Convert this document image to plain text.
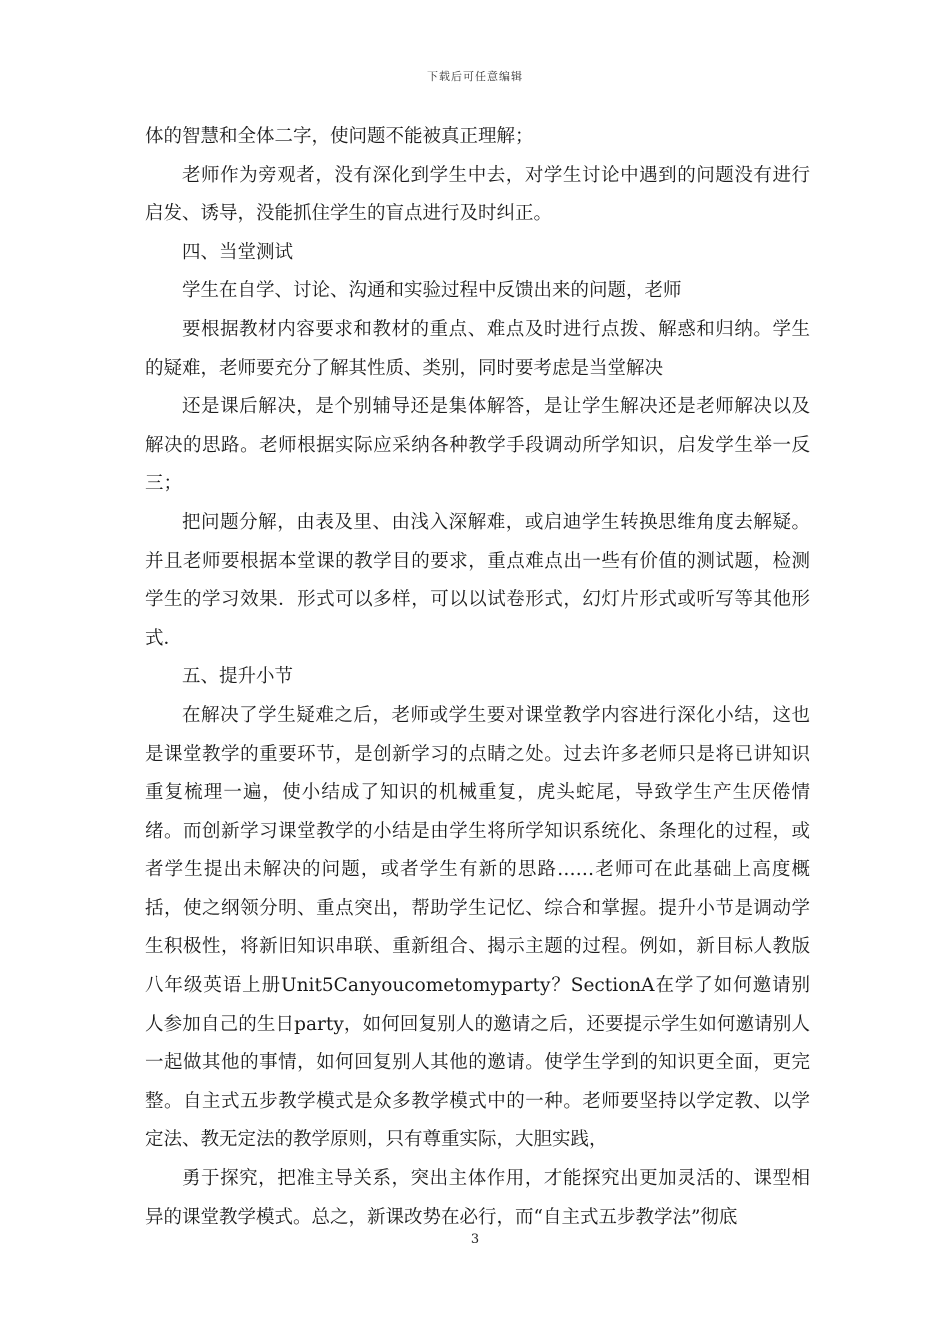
下载后可任意编辑

体的智慧和全体二字，使问题不能被真正理解；

老师作为旁观者，没有深化到学生中去，对学生讨论中遇到的问题没有进行启发、诱导，没能抓住学生的盲点进行及时纠正。

四、当堂测试

学生在自学、讨论、沟通和实验过程中反馈出来的问题，老师

要根据教材内容要求和教材的重点、难点及时进行点拨、解惑和归纳。学生的疑难，老师要充分了解其性质、类别，同时要考虑是当堂解决

还是课后解决，是个别辅导还是集体解答，是让学生解决还是老师解决以及解决的思路。老师根据实际应采纳各种教学手段调动所学知识，启发学生举一反三；

把问题分解，由表及里、由浅入深解难，或启迪学生转换思维角度去解疑。并且老师要根据本堂课的教学目的要求，重点难点出一些有价值的测试题，检测学生的学习效果．形式可以多样，可以以试卷形式，幻灯片形式或听写等其他形式．

五、提升小节

在解决了学生疑难之后，老师或学生要对课堂教学内容进行深化小结，这也是课堂教学的重要环节，是创新学习的点睛之处。过去许多老师只是将已讲知识重复梳理一遍，使小结成了知识的机械重复，虎头蛇尾，导致学生产生厌倦情绪。而创新学习课堂教学的小结是由学生将所学知识系统化、条理化的过程，或者学生提出未解决的问题，或者学生有新的思路……老师可在此基础上高度概括，使之纲领分明、重点突出，帮助学生记忆、综合和掌握。提升小节是调动学生积极性，将新旧知识串联、重新组合、揭示主题的过程。例如，新目标人教版八年级英语上册Unit5Canyoucometomyparty？SectionA在学了如何邀请别人参加自己的生日party，如何回复别人的邀请之后，还要提示学生如何邀请别人一起做其他的事情，如何回复别人其他的邀请。使学生学到的知识更全面，更完整。自主式五步教学模式是众多教学模式中的一种。老师要坚持以学定教、以学定法、教无定法的教学原则，只有尊重实际，大胆实践，

勇于探究，把准主导关系，突出主体作用，才能探究出更加灵活的、课型相异的课堂教学模式。总之，新课改势在必行，而“自主式五步教学法”彻底

3
